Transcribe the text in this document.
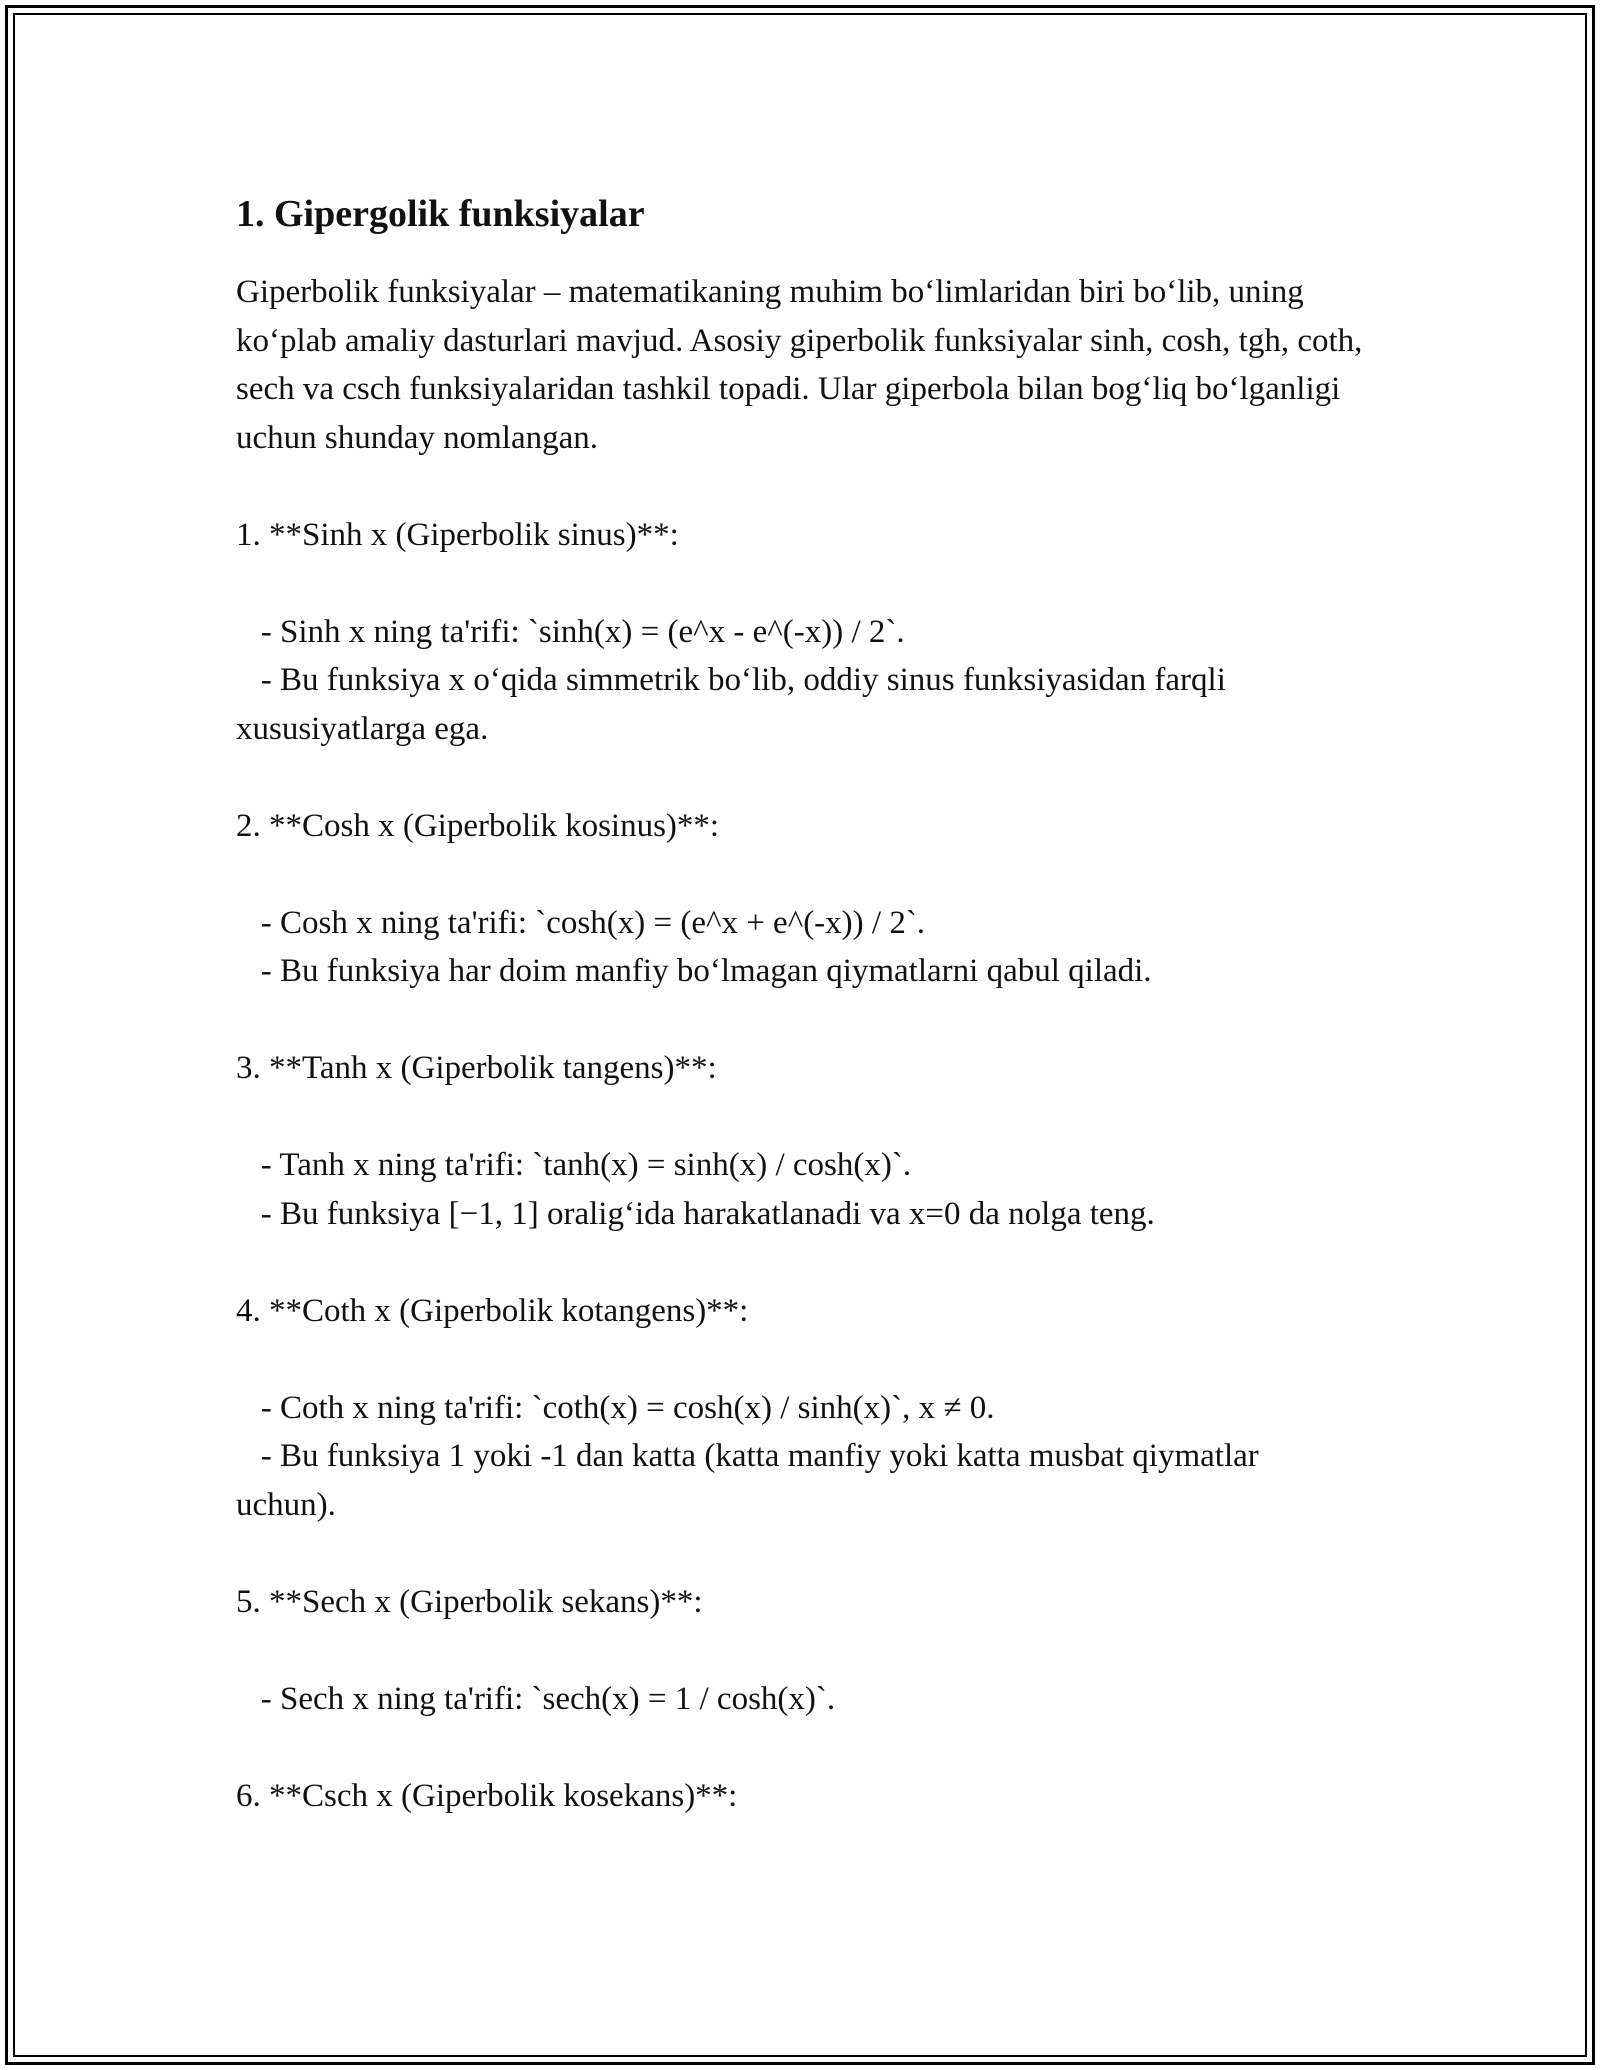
1. Gipergolik funksiyalar

Giperbolik funksiyalar – matematikaning muhim bo‘limlaridan biri bo‘lib, uning ko‘plab amaliy dasturlari mavjud. Asosiy giperbolik funksiyalar sinh, cosh, tgh, coth, sech va csch funksiyalaridan tashkil topadi. Ular giperbola bilan bog‘liq bo‘lganligi uchun shunday nomlangan.

1. **Sinh x (Giperbolik sinus)**:

- Sinh x ning ta'rifi: `sinh(x) = (e^x - e^(-x)) / 2`.

- Bu funksiya x o‘qida simmetrik bo‘lib, oddiy sinus funksiyasidan farqli xususiyatlarga ega.

2. **Cosh x (Giperbolik kosinus)**:

- Cosh x ning ta'rifi: `cosh(x) = (e^x + e^(-x)) / 2`.

- Bu funksiya har doim manfiy bo‘lmagan qiymatlarni qabul qiladi.

3. **Tanh x (Giperbolik tangens)**:

- Tanh x ning ta'rifi: `tanh(x) = sinh(x) / cosh(x)`.

- Bu funksiya [−1, 1] oralig‘ida harakatlanadi va x=0 da nolga teng.

4. **Coth x (Giperbolik kotangens)**:

- Coth x ning ta'rifi: `coth(x) = cosh(x) / sinh(x)`, x ≠ 0.

- Bu funksiya 1 yoki -1 dan katta (katta manfiy yoki katta musbat qiymatlar uchun).

5. **Sech x (Giperbolik sekans)**:

- Sech x ning ta'rifi: `sech(x) = 1 / cosh(x)`.

6. **Csch x (Giperbolik kosekans)**:
